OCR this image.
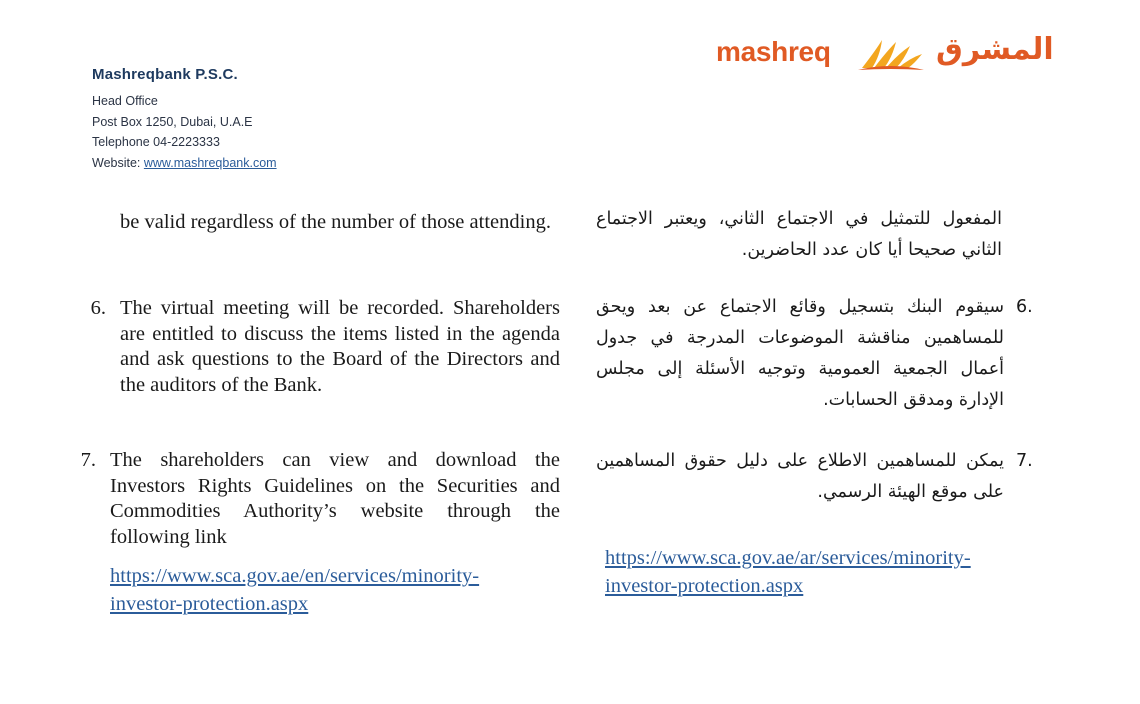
Mashreqbank P.S.C.
Head Office
Post Box 1250, Dubai, U.A.E
Telephone 04-2223333
Website: www.mashreqbank.com
mashreq	المشرق
be valid regardless of the number of those attending.	المفعول للتمثيل في الاجتماع الثاني، ويعتبر الاجتماع الثاني صحيحا أيا كان عدد الحاضرين.
6. The virtual meeting will be recorded. Shareholders are entitled to discuss the items listed in the agenda and ask questions to the Board of the Directors and the auditors of the Bank.
6.
سيقوم البنك بتسجيل وقائع الاجتماع عن بعد ويحق للمساهمين مناقشة الموضوعات المدرجة في جدول أعمال الجمعية العمومية وتوجيه الأسئلة إلى مجلس الإدارة ومدقق الحسابات.
7. The shareholders can view and download the Investors Rights Guidelines on the Securities and Commodities Authority’s website through the following link
https://www.sca.gov.ae/en/services/minority-
investor-protection.aspx
7.
يمكن للمساهمين الاطلاع على دليل حقوق المساهمين على موقع الهيئة الرسمي.
https://www.sca.gov.ae/ar/services/minority-
investor-protection.aspx
